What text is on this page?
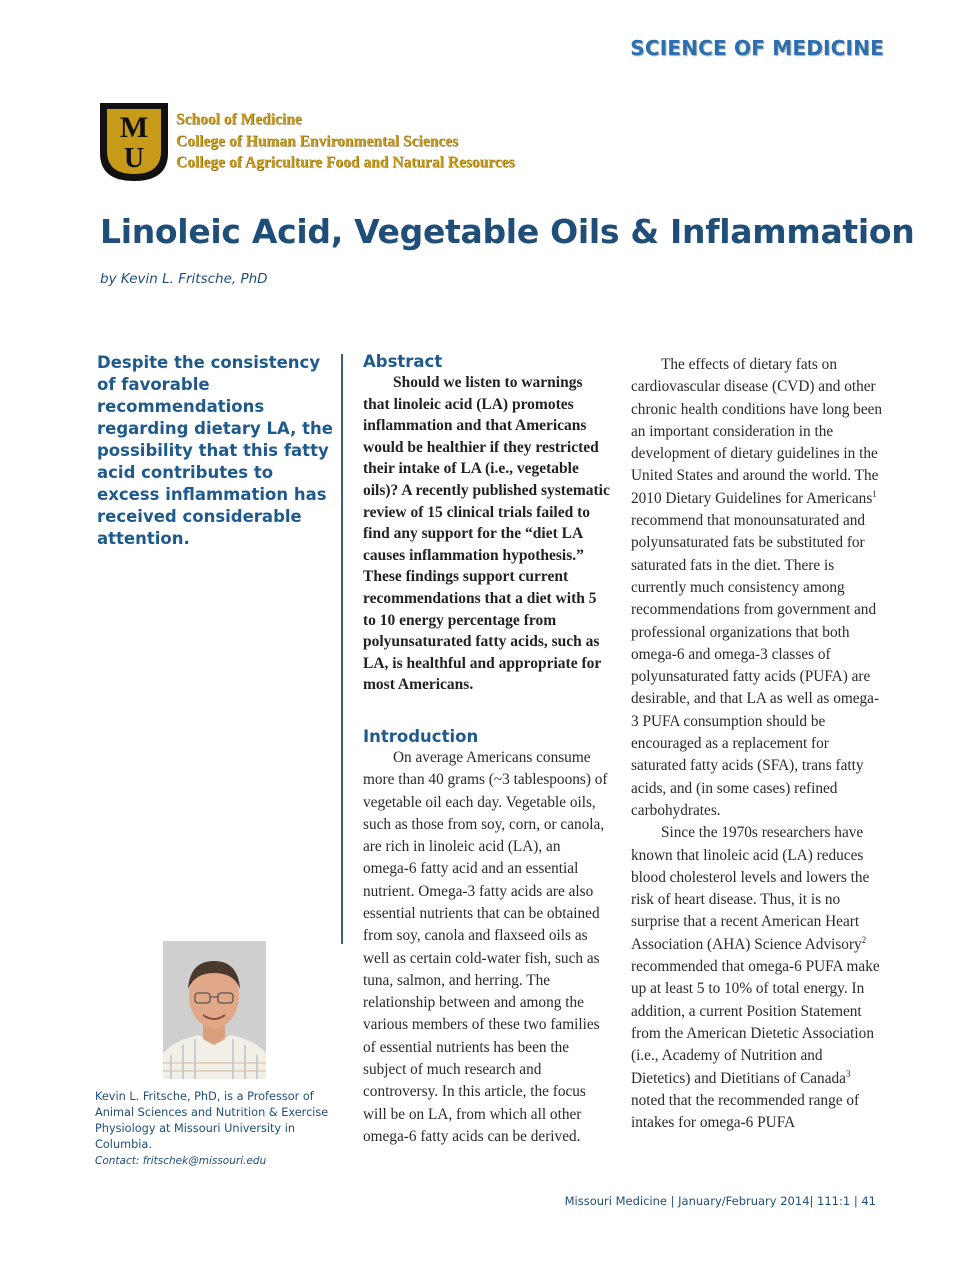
SCIENCE OF MEDICINE
M
U
School of Medicine
College of Human Environmental Sciences
College of Agriculture Food and Natural Resources
Linoleic Acid, Vegetable Oils & Inflammation
by Kevin L. Fritsche, PhD
Despite the consistency of favorable recommendations regarding dietary LA, the possibility that this fatty acid contributes to excess inflammation has received considerable attention.
Kevin L. Fritsche, PhD, is a Professor of Animal Sciences and Nutrition & Exercise Physiology at Missouri University in Columbia.
Contact: fritschek@missouri.edu
Abstract

Should we listen to warnings that linoleic acid (LA) promotes inflammation and that Americans would be healthier if they restricted their intake of LA (i.e., vegetable oils)? A recently published systematic review of 15 clinical trials failed to find any support for the “diet LA causes inflammation hypothesis.” These findings support current recommendations that a diet with 5 to 10 energy percentage from polyunsaturated fatty acids, such as LA, is healthful and appropriate for most Americans.

Introduction

On average Americans consume more than 40 grams (~3 tablespoons) of vegetable oil each day. Vegetable oils, such as those from soy, corn, or canola, are rich in linoleic acid (LA), an omega-6 fatty acid and an essential nutrient. Omega-3 fatty acids are also essential nutrients that can be obtained from soy, canola and flaxseed oils as well as certain cold-water fish, such as tuna, salmon, and herring. The relationship between and among the various members of these two families of essential nutrients has been the subject of much research and controversy. In this article, the focus will be on LA, from which all other omega-6 fatty acids can be derived.

The effects of dietary fats on cardiovascular disease (CVD) and other chronic health conditions have long been an important consideration in the development of dietary guidelines in the United States and around the world. The 2010 Dietary Guidelines for Americans$^1$ recommend that monounsaturated and polyunsaturated fats be substituted for saturated fats in the diet. There is currently much consistency among recommendations from government and professional organizations that both omega-6 and omega-3 classes of polyunsaturated fatty acids (PUFA) are desirable, and that LA as well as omega-3 PUFA consumption should be encouraged as a replacement for saturated fatty acids (SFA), trans fatty acids, and (in some cases) refined carbohydrates.

Since the 1970s researchers have known that linoleic acid (LA) reduces blood cholesterol levels and lowers the risk of heart disease. Thus, it is no surprise that a recent American Heart Association (AHA) Science Advisory$^2$ recommended that omega-6 PUFA make up at least 5 to 10% of total energy. In addition, a current Position Statement from the American Dietetic Association (i.e., Academy of Nutrition and Dietetics) and Dietitians of Canada$^3$ noted that the recommended range of intakes for omega-6 PUFA

Missouri Medicine | January/February 2014| 111:1 | 41
